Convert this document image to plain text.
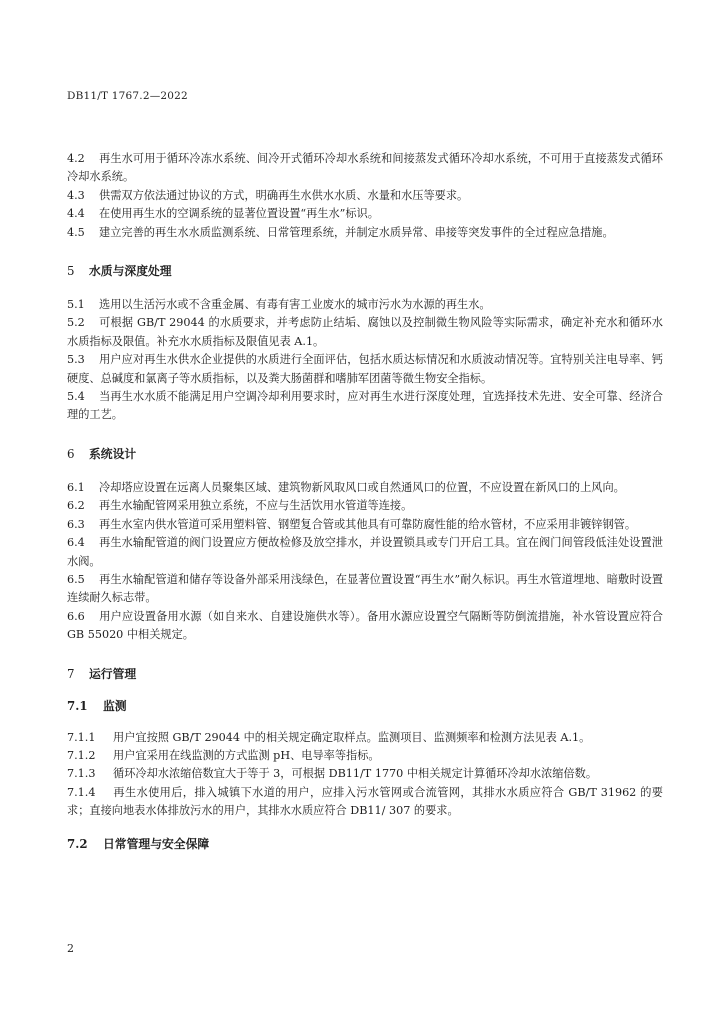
DB11/T 1767.2—2022

4.2 再生水可用于循环冷冻水系统、间冷开式循环冷却水系统和间接蒸发式循环冷却水系统，不可用于直接蒸发式循环冷却水系统。

4.3 供需双方依法通过协议的方式，明确再生水供水水质、水量和水压等要求。

4.4 在使用再生水的空调系统的显著位置设置“再生水”标识。

4.5 建立完善的再生水水质监测系统、日常管理系统，并制定水质异常、串接等突发事件的全过程应急措施。

5 水质与深度处理

5.1 选用以生活污水或不含重金属、有毒有害工业废水的城市污水为水源的再生水。

5.2 可根据 GB/T 29044 的水质要求，并考虑防止结垢、腐蚀以及控制微生物风险等实际需求，确定补充水和循环水水质指标及限值。补充水水质指标及限值见表 A.1。

5.3 用户应对再生水供水企业提供的水质进行全面评估，包括水质达标情况和水质波动情况等。宜特别关注电导率、钙硬度、总碱度和氯离子等水质指标，以及粪大肠菌群和嗜肺军团菌等微生物安全指标。

5.4 当再生水水质不能满足用户空调冷却利用要求时，应对再生水进行深度处理，宜选择技术先进、安全可靠、经济合理的工艺。

6 系统设计

6.1 冷却塔应设置在远离人员聚集区域、建筑物新风取风口或自然通风口的位置，不应设置在新风口的上风向。

6.2 再生水输配管网采用独立系统，不应与生活饮用水管道等连接。

6.3 再生水室内供水管道可采用塑料管、钢塑复合管或其他具有可靠防腐性能的给水管材，不应采用非镀锌钢管。

6.4 再生水输配管道的阀门设置应方便故检修及放空排水，并设置锁具或专门开启工具。宜在阀门间管段低洼处设置泄水阀。

6.5 再生水输配管道和储存等设备外部采用浅绿色，在显著位置设置“再生水”耐久标识。再生水管道埋地、暗敷时设置连续耐久标志带。

6.6 用户应设置备用水源（如自来水、自建设施供水等）。备用水源应设置空气隔断等防倒流措施，补水管设置应符合 GB 55020 中相关规定。

7 运行管理

7.1 监测

7.1.1 用户宜按照 GB/T 29044 中的相关规定确定取样点。监测项目、监测频率和检测方法见表 A.1。

7.1.2 用户宜采用在线监测的方式监测 pH、电导率等指标。

7.1.3 循环冷却水浓缩倍数宜大于等于 3，可根据 DB11/T 1770 中相关规定计算循环冷却水浓缩倍数。

7.1.4 再生水使用后，排入城镇下水道的用户，应排入污水管网或合流管网，其排水水质应符合 GB/T 31962 的要求；直接向地表水体排放污水的用户，其排水水质应符合 DB11/ 307 的要求。

7.2 日常管理与安全保障

2
